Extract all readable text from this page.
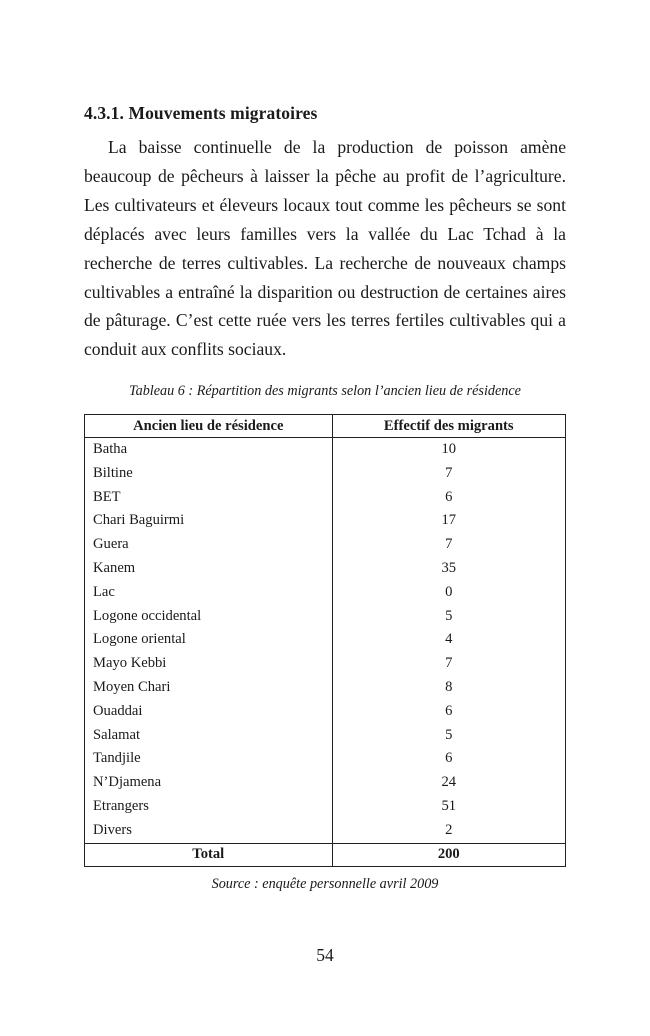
4.3.1. Mouvements migratoires

La baisse continuelle de la production de poisson amène beaucoup de pêcheurs à laisser la pêche au profit de l’agriculture. Les cultivateurs et éleveurs locaux tout comme les pêcheurs se sont déplacés avec leurs familles vers la vallée du Lac Tchad à la recherche de terres cultivables. La recherche de nouveaux champs cultivables a entraîné la disparition ou destruction de certaines aires de pâturage. C’est cette ruée vers les terres fertiles cultivables qui a conduit aux conflits sociaux.

Tableau 6 : Répartition des migrants selon l’ancien lieu de résidence

Ancien lieu de résidence	Effectif des migrants
Batha	10
Biltine	7
BET	6
Chari Baguirmi	17
Guera	7
Kanem	35
Lac	0
Logone occidental	5
Logone oriental	4
Mayo Kebbi	7
Moyen Chari	8
Ouaddai	6
Salamat	5
Tandjile	6
N’Djamena	24
Etrangers	51
Divers	2
Total	200

Source : enquête personnelle avril 2009

54
